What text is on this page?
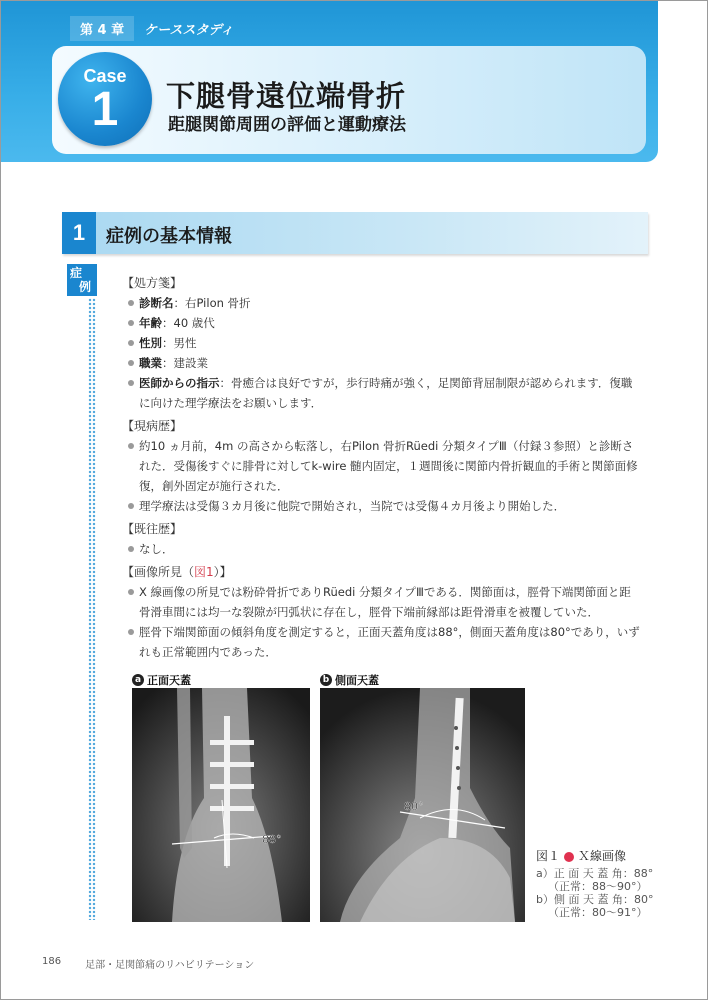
第 4 章	ケーススタディ
Case
1	下腿骨遠位端骨折
距腿関節周囲の評価と運動療法
1	症例の基本情報
症
例	【処方箋】
診断名：右Pilon 骨折
年齢：40 歳代
性別：男性
職業：建設業
医師からの指示：骨癒合は良好ですが，歩行時痛が強く，足関節背屈制限が認められます．復職に向けた理学療法をお願いします．
【現病歴】
約10 ヵ月前，4m の高さから転落し，右Pilon 骨折Rüedi 分類タイプⅢ（付録３参照）と診断された．受傷後すぐに腓骨に対してk-wire 髄内固定，１週間後に関節内骨折観血的手術と関節面修復，創外固定が施行された．
理学療法は受傷３カ月後に他院で開始され，当院では受傷４カ月後より開始した．
【既往歴】
なし．
【画像所見（図1）】
X 線画像の所見では粉砕骨折でありRüedi 分類タイプⅢである．関節面は，脛骨下端関節面と距骨滑車間には均一な裂隙が円弧状に存在し，脛骨下端前縁部は距骨滑車を被覆していた．
脛骨下端関節面の傾斜角度を測定すると，正面天蓋角度は88°，側面天蓋角度は80°であり，いずれも正常範囲内であった．
a 正面天蓋
88°
b 側面天蓋
80°
図１ Ｘ線画像
a）正 面 天 蓋 角：88°
（正常：88〜90°）
b）側 面 天 蓋 角：80°
（正常：80〜91°）
186 足部・足関節痛のリハビリテーション
